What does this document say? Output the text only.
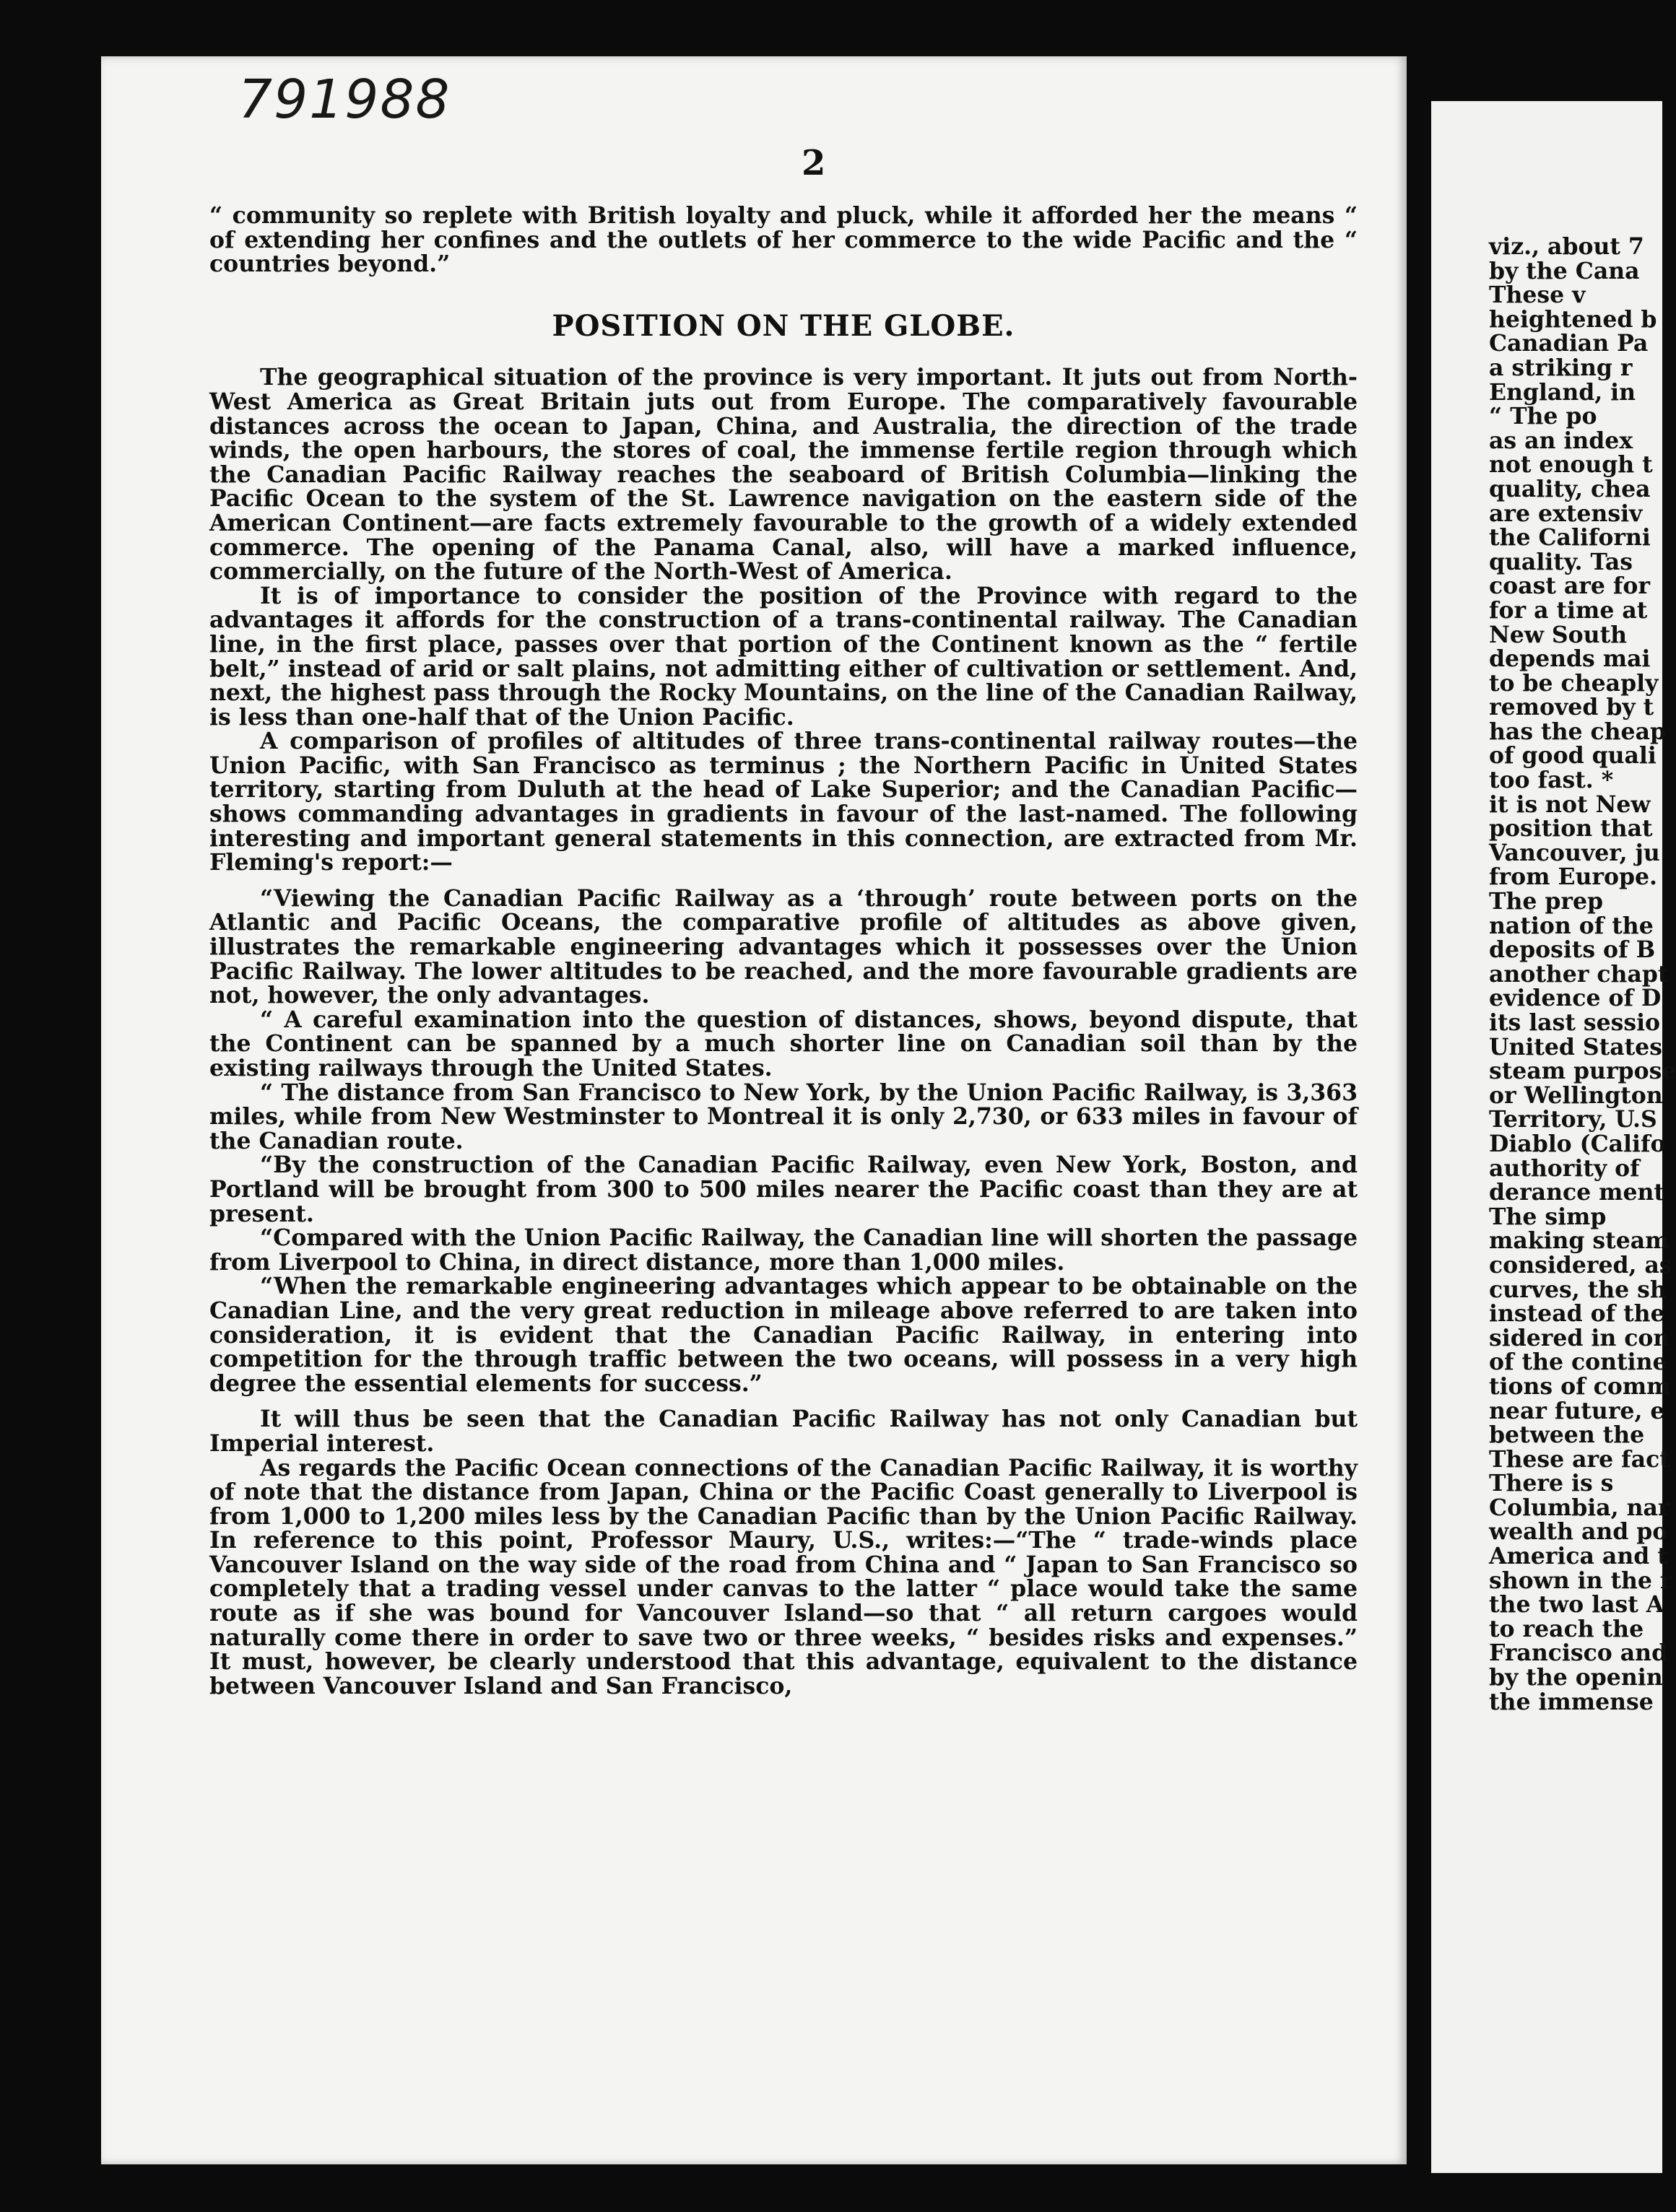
791988
2

“ community so replete with British loyalty and pluck, while it afforded her the means “ of extending her confines and the outlets of her commerce to the wide Pacific and the “ countries beyond.”

POSITION ON THE GLOBE.

The geographical situation of the province is very important. It juts out from North-West America as Great Britain juts out from Europe. The comparatively favourable distances across the ocean to Japan, China, and Australia, the direction of the trade winds, the open harbours, the stores of coal, the immense fertile region through which the Canadian Pacific Railway reaches the seaboard of British Columbia—linking the Pacific Ocean to the system of the St. Lawrence navigation on the eastern side of the American Continent—are facts extremely favourable to the growth of a widely extended commerce. The opening of the Panama Canal, also, will have a marked influence, commercially, on the future of the North-West of America.

It is of importance to consider the position of the Province with regard to the advantages it affords for the construction of a trans-continental railway. The Canadian line, in the first place, passes over that portion of the Continent known as the “ fertile belt,” instead of arid or salt plains, not admitting either of cultivation or settlement. And, next, the highest pass through the Rocky Mountains, on the line of the Canadian Railway, is less than one-half that of the Union Pacific.

A comparison of profiles of altitudes of three trans-continental railway routes—the Union Pacific, with San Francisco as terminus ; the Northern Pacific in United States territory, starting from Duluth at the head of Lake Superior; and the Canadian Pacific—shows commanding advantages in gradients in favour of the last-named. The following interesting and important general statements in this connection, are extracted from Mr. Fleming's report:—

“Viewing the Canadian Pacific Railway as a ‘through’ route between ports on the Atlantic and Pacific Oceans, the comparative profile of altitudes as above given, illustrates the remarkable engineering advantages which it possesses over the Union Pacific Railway. The lower altitudes to be reached, and the more favourable gradients are not, however, the only advantages.

“ A careful examination into the question of distances, shows, beyond dispute, that the Continent can be spanned by a much shorter line on Canadian soil than by the existing railways through the United States.

“ The distance from San Francisco to New York, by the Union Pacific Railway, is 3,363 miles, while from New Westminster to Montreal it is only 2,730, or 633 miles in favour of the Canadian route.

“By the construction of the Canadian Pacific Railway, even New York, Boston, and Portland will be brought from 300 to 500 miles nearer the Pacific coast than they are at present.

“Compared with the Union Pacific Railway, the Canadian line will shorten the passage from Liverpool to China, in direct distance, more than 1,000 miles.

“When the remarkable engineering advantages which appear to be obtainable on the Canadian Line, and the very great reduction in mileage above referred to are taken into consideration, it is evident that the Canadian Pacific Railway, in entering into competition for the through traffic between the two oceans, will possess in a very high degree the essential elements for success.”

It will thus be seen that the Canadian Pacific Railway has not only Canadian but Imperial interest.

As regards the Pacific Ocean connections of the Canadian Pacific Railway, it is worthy of note that the distance from Japan, China or the Pacific Coast generally to Liverpool is from 1,000 to 1,200 miles less by the Canadian Pacific than by the Union Pacific Railway. In reference to this point, Professor Maury, U.S., writes:—“The “ trade-winds place Vancouver Island on the way side of the road from China and “ Japan to San Francisco so completely that a trading vessel under canvas to the latter “ place would take the same route as if she was bound for Vancouver Island—so that “ all return cargoes would naturally come there in order to save two or three weeks, “ besides risks and expenses.” It must, however, be clearly understood that this advantage, equivalent to the distance between Vancouver Island and San Francisco,

viz., about 7
by the Cana
These v
heightened b
Canadian Pa
a striking r
England, in
“ The po
as an index
not enough t
quality, chea
are extensiv
the Californi
quality. Tas
coast are for
for a time at
New South
depends mai
to be cheaply
removed by t
has the cheap
of good quali
too fast. *
it is not New
position that
Vancouver, ju
from Europe.
The prep
nation of the
deposits of B
another chapt
evidence of D
its last sessio
United States
steam purpose
or Wellington
Territory, U.S
Diablo (Califo
authority of
derance ment
The simp
making steam
considered, as
curves, the sh
instead of the
sidered in con
of the contine
tions of comm
near future, e
between the
These are fact
There is s
Columbia, nar
wealth and po
America and t
shown in the r
the two last A
to reach the
Francisco and
by the openin
the immense
